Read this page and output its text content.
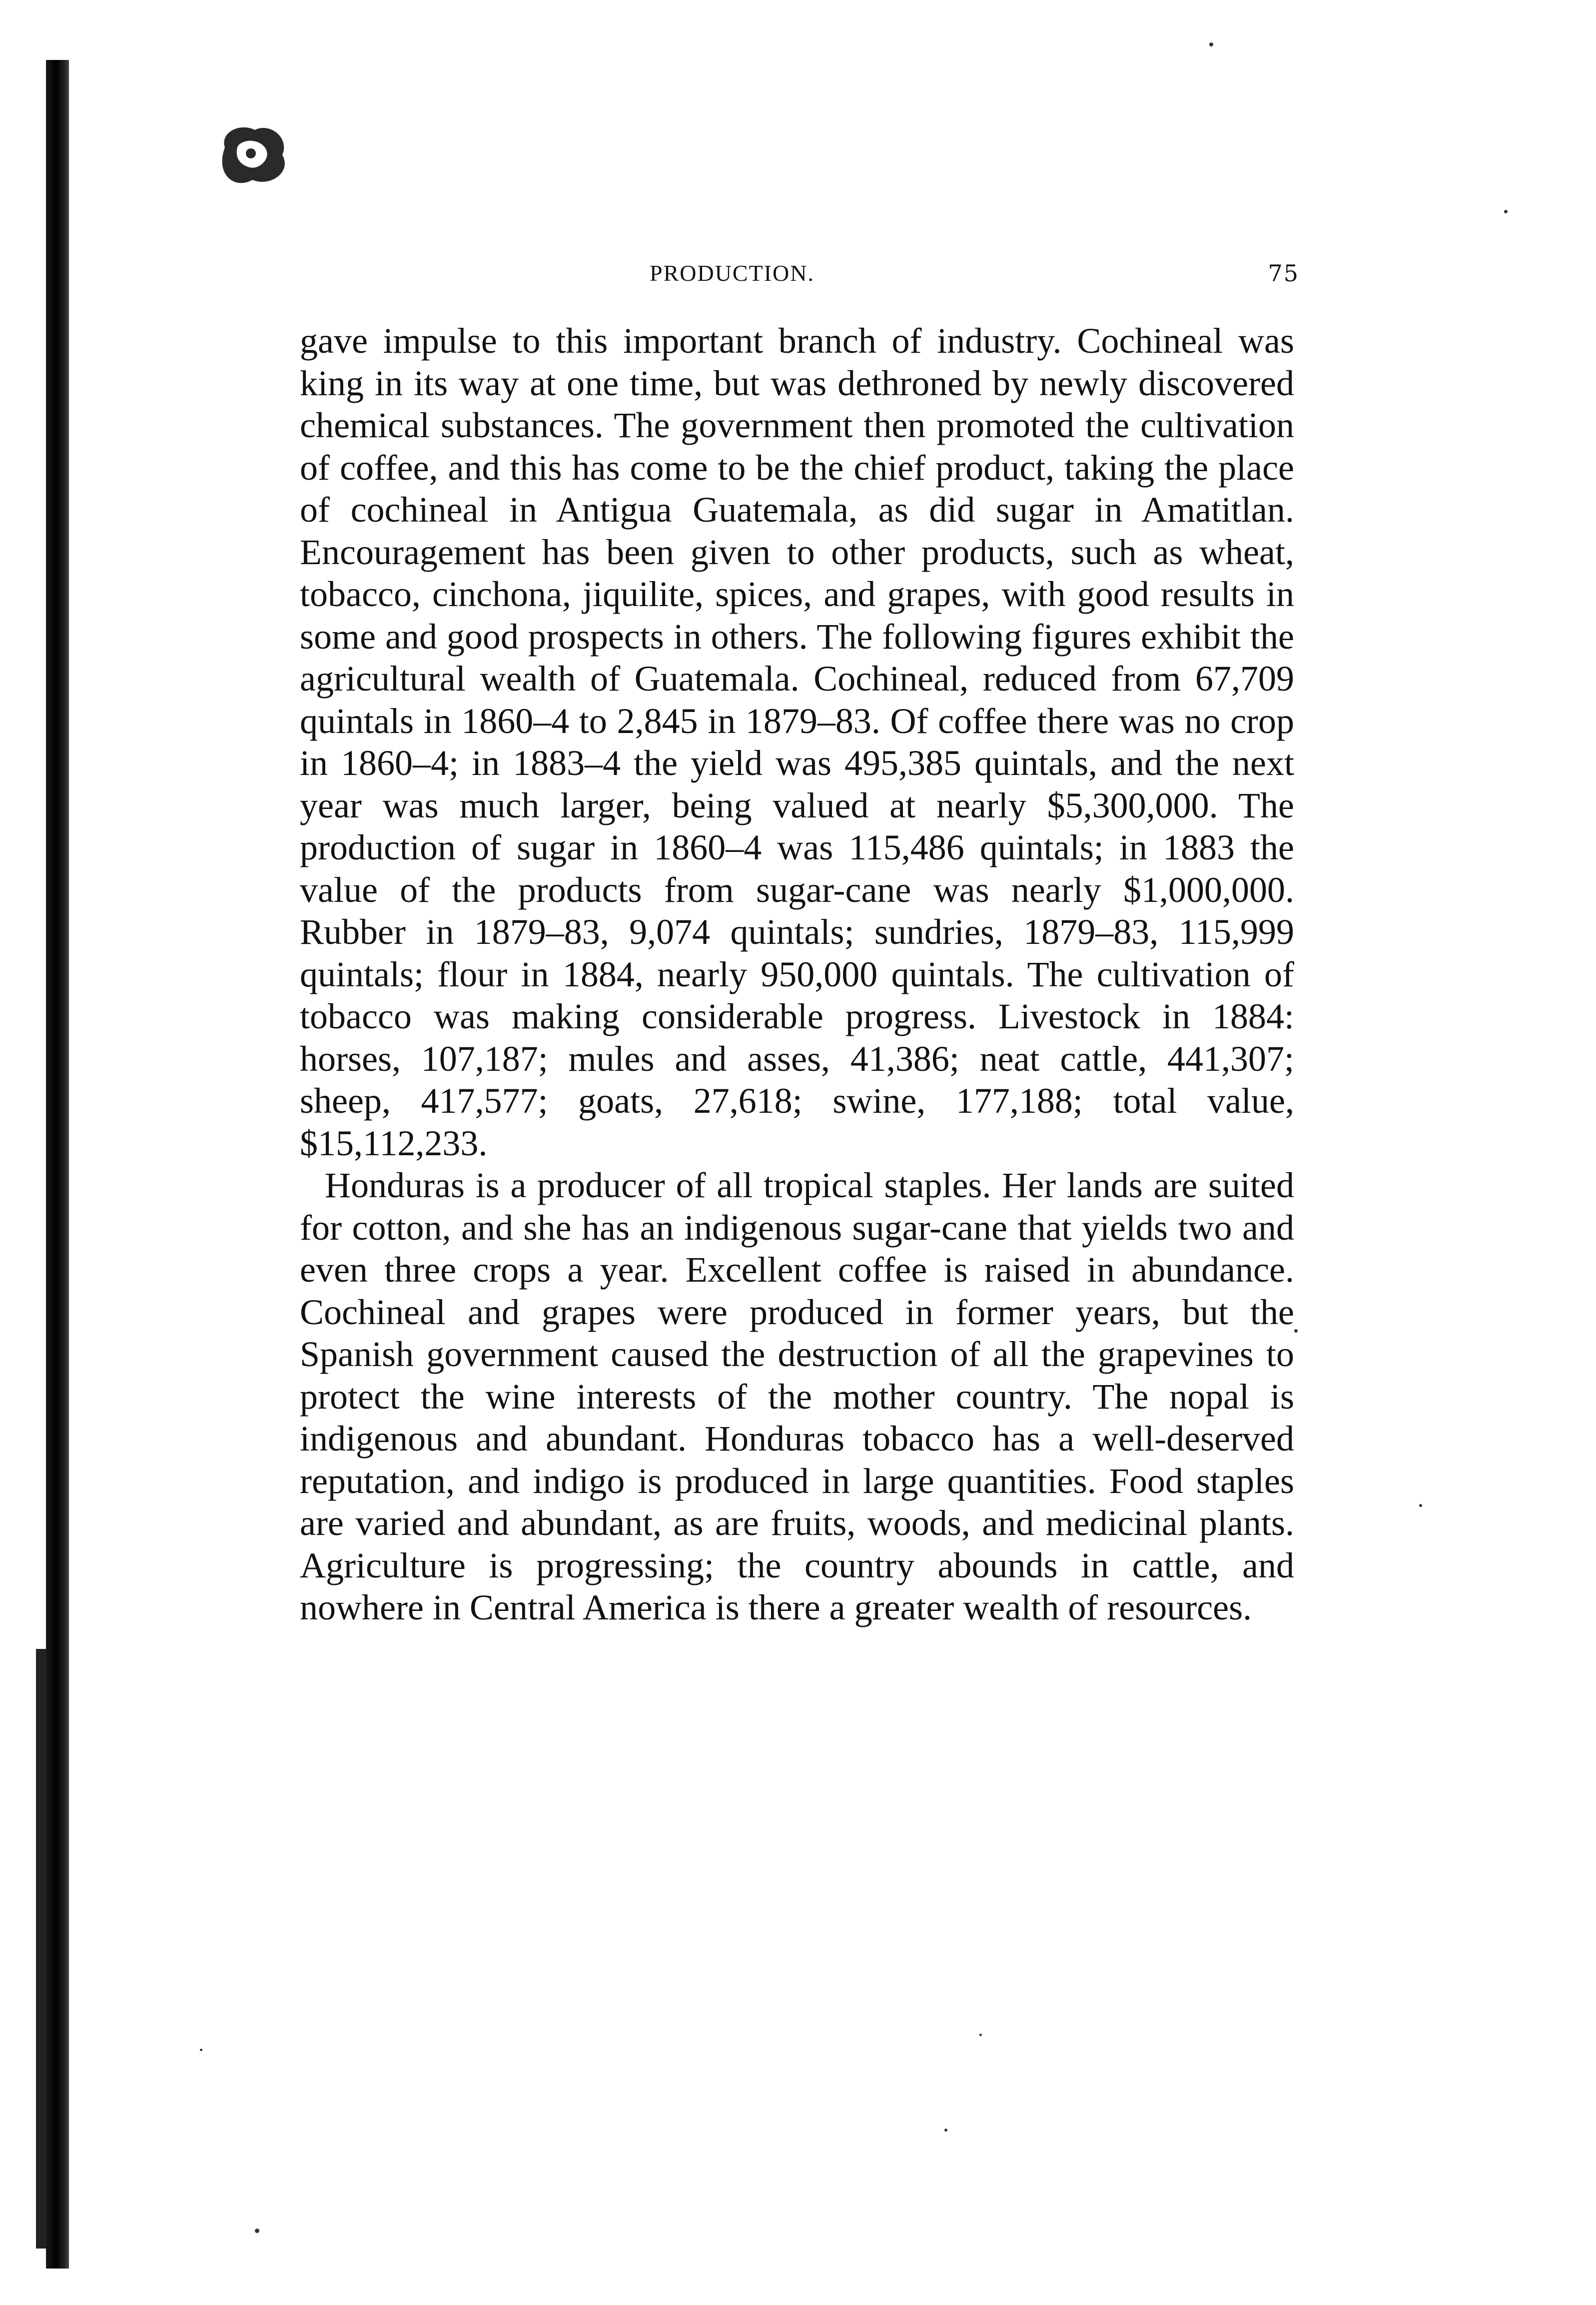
PRODUCTION.	75

gave impulse to this important branch of industry. Cochineal was king in its way at one time, but was dethroned by newly discovered chemical substances. The government then promoted the cultivation of coffee, and this has come to be the chief product, taking the place of cochineal in Antigua Guatemala, as did sugar in Amatitlan. Encouragement has been given to other products, such as wheat, tobacco, cinchona, jiquilite, spices, and grapes, with good results in some and good prospects in others. The following figures exhibit the agricultural wealth of Guatemala. Cochineal, reduced from 67,709 quintals in 1860–4 to 2,845 in 1879–83. Of coffee there was no crop in 1860–4; in 1883–4 the yield was 495,385 quintals, and the next year was much larger, being valued at nearly $5,300,000. The production of sugar in 1860–4 was 115,486 quintals; in 1883 the value of the products from sugar-cane was nearly $1,000,000. Rubber in 1879–83, 9,074 quintals; sundries, 1879–83, 115,999 quintals; flour in 1884, nearly 950,000 quintals. The cultivation of tobacco was making considerable progress. Livestock in 1884: horses, 107,187; mules and asses, 41,386; neat cattle, 441,307; sheep, 417,577; goats, 27,618; swine, 177,188; total value, $15,112,233.

Honduras is a producer of all tropical staples. Her lands are suited for cotton, and she has an indigenous sugar-cane that yields two and even three crops a year. Excellent coffee is raised in abundance. Cochineal and grapes were produced in former years, but the Spanish government caused the destruction of all the grapevines to protect the wine interests of the mother country. The nopal is indigenous and abundant. Honduras tobacco has a well-deserved reputation, and indigo is produced in large quantities. Food staples are varied and abundant, as are fruits, woods, and medicinal plants. Agriculture is progressing; the country abounds in cattle, and nowhere in Central America is there a greater wealth of resources.
